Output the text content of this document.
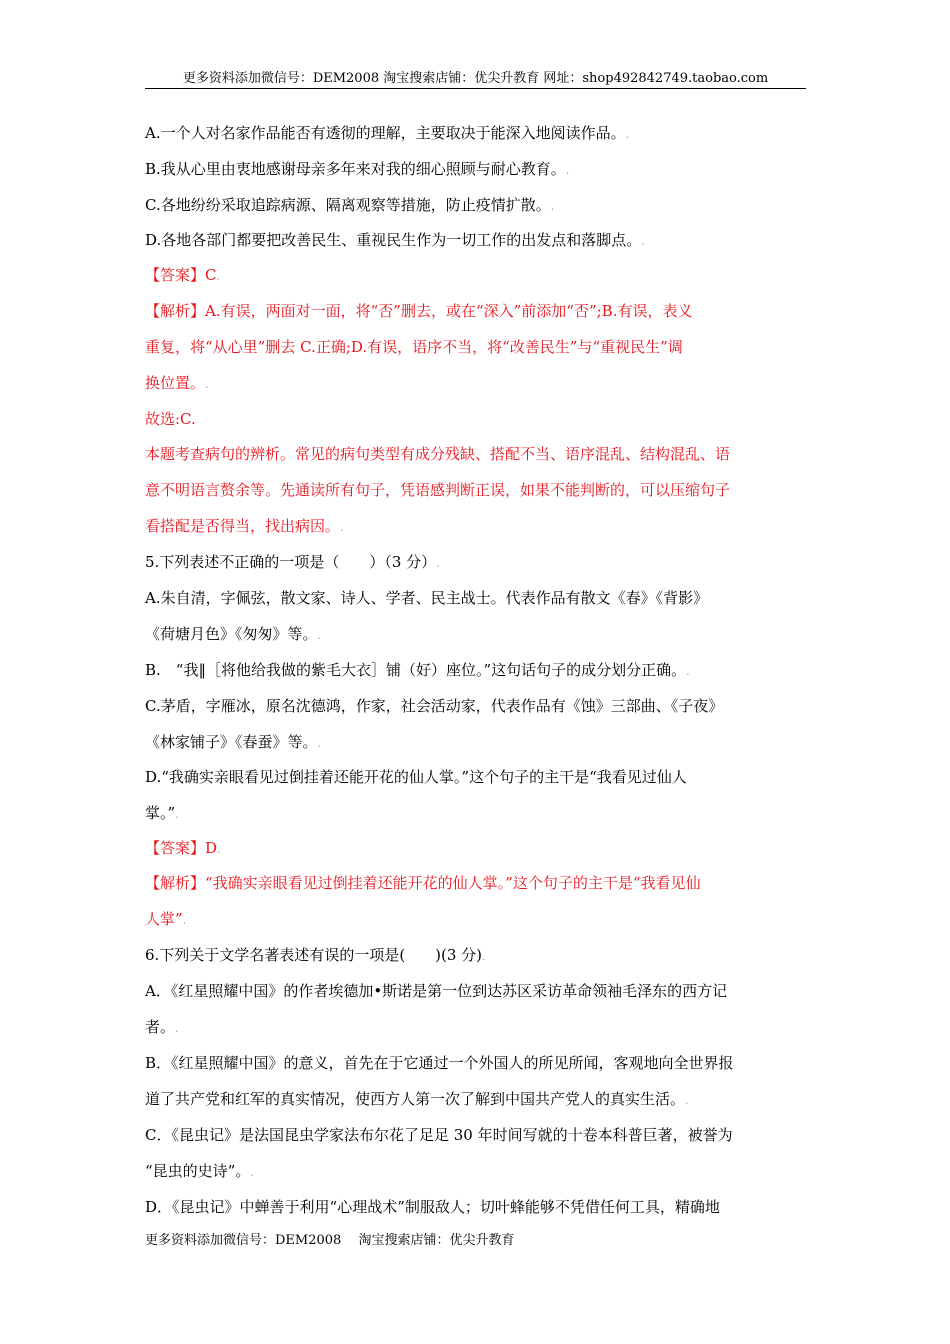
更多资料添加微信号：DEM2008 淘宝搜索店铺：优尖升教育 网址：shop492842749.taobao.com
A.一个人对名家作品能否有透彻的理解，主要取决于能深入地阅读作品。.
B.我从心里由衷地感谢母亲多年来对我的细心照顾与耐心教育。.
C.各地纷纷采取追踪病源、隔离观察等措施，防止疫情扩散。.
D.各地各部门都要把改善民生、重视民生作为一切工作的出发点和落脚点。.
【答案】C.
【解析】A.有误，两面对一面，将“否”删去，或在“深入”前添加“否”;B.有误，表义
重复，将“从心里”删去 C.正确;D.有误，语序不当，将“改善民生”与“重视民生”调
换位置。.
故选:C.
本题考查病句的辨析。常见的病句类型有成分残缺、搭配不当、语序混乱、结构混乱、语
意不明语言赘余等。先通读所有句子，凭语感判断正误，如果不能判断的，可以压缩句子
看搭配是否得当，找出病因。.
5.下列表述不正确的一项是（　　）（3 分）.
A.朱自清，字佩弦，散文家、诗人、学者、民主战士。代表作品有散文《春》《背影》
《荷塘月色》《匆匆》等。.
B.　“我‖［将他给我做的紫毛大衣］铺（好）座位。”这句话句子的成分划分正确。.
C.茅盾，字雁冰，原名沈德鸿，作家，社会活动家，代表作品有《蚀》三部曲、《子夜》
《林家铺子》《春蚕》等。.
D.“我确实亲眼看见过倒挂着还能开花的仙人掌。”这个句子的主干是“我看见过仙人
掌。”.
【答案】D.
【解析】“我确实亲眼看见过倒挂着还能开花的仙人掌。”这个句子的主干是“我看见仙
人掌”.
6.下列关于文学名著表述有误的一项是(　　)(3 分).
A．《红星照耀中国》的作者埃德加•斯诺是第一位到达苏区采访革命领袖毛泽东的西方记
者。.
B．《红星照耀中国》的意义，首先在于它通过一个外国人的所见所闻，客观地向全世界报
道了共产党和红军的真实情况，使西方人第一次了解到中国共产党人的真实生活。.
C．《昆虫记》是法国昆虫学家法布尔花了足足 30 年时间写就的十卷本科普巨著，被誉为
“昆虫的史诗”。.
D．《昆虫记》中蝉善于利用“心理战术”制服敌人；切叶蜂能够不凭借任何工具，精确地
更多资料添加微信号：DEM2008　 淘宝搜索店铺：优尖升教育
